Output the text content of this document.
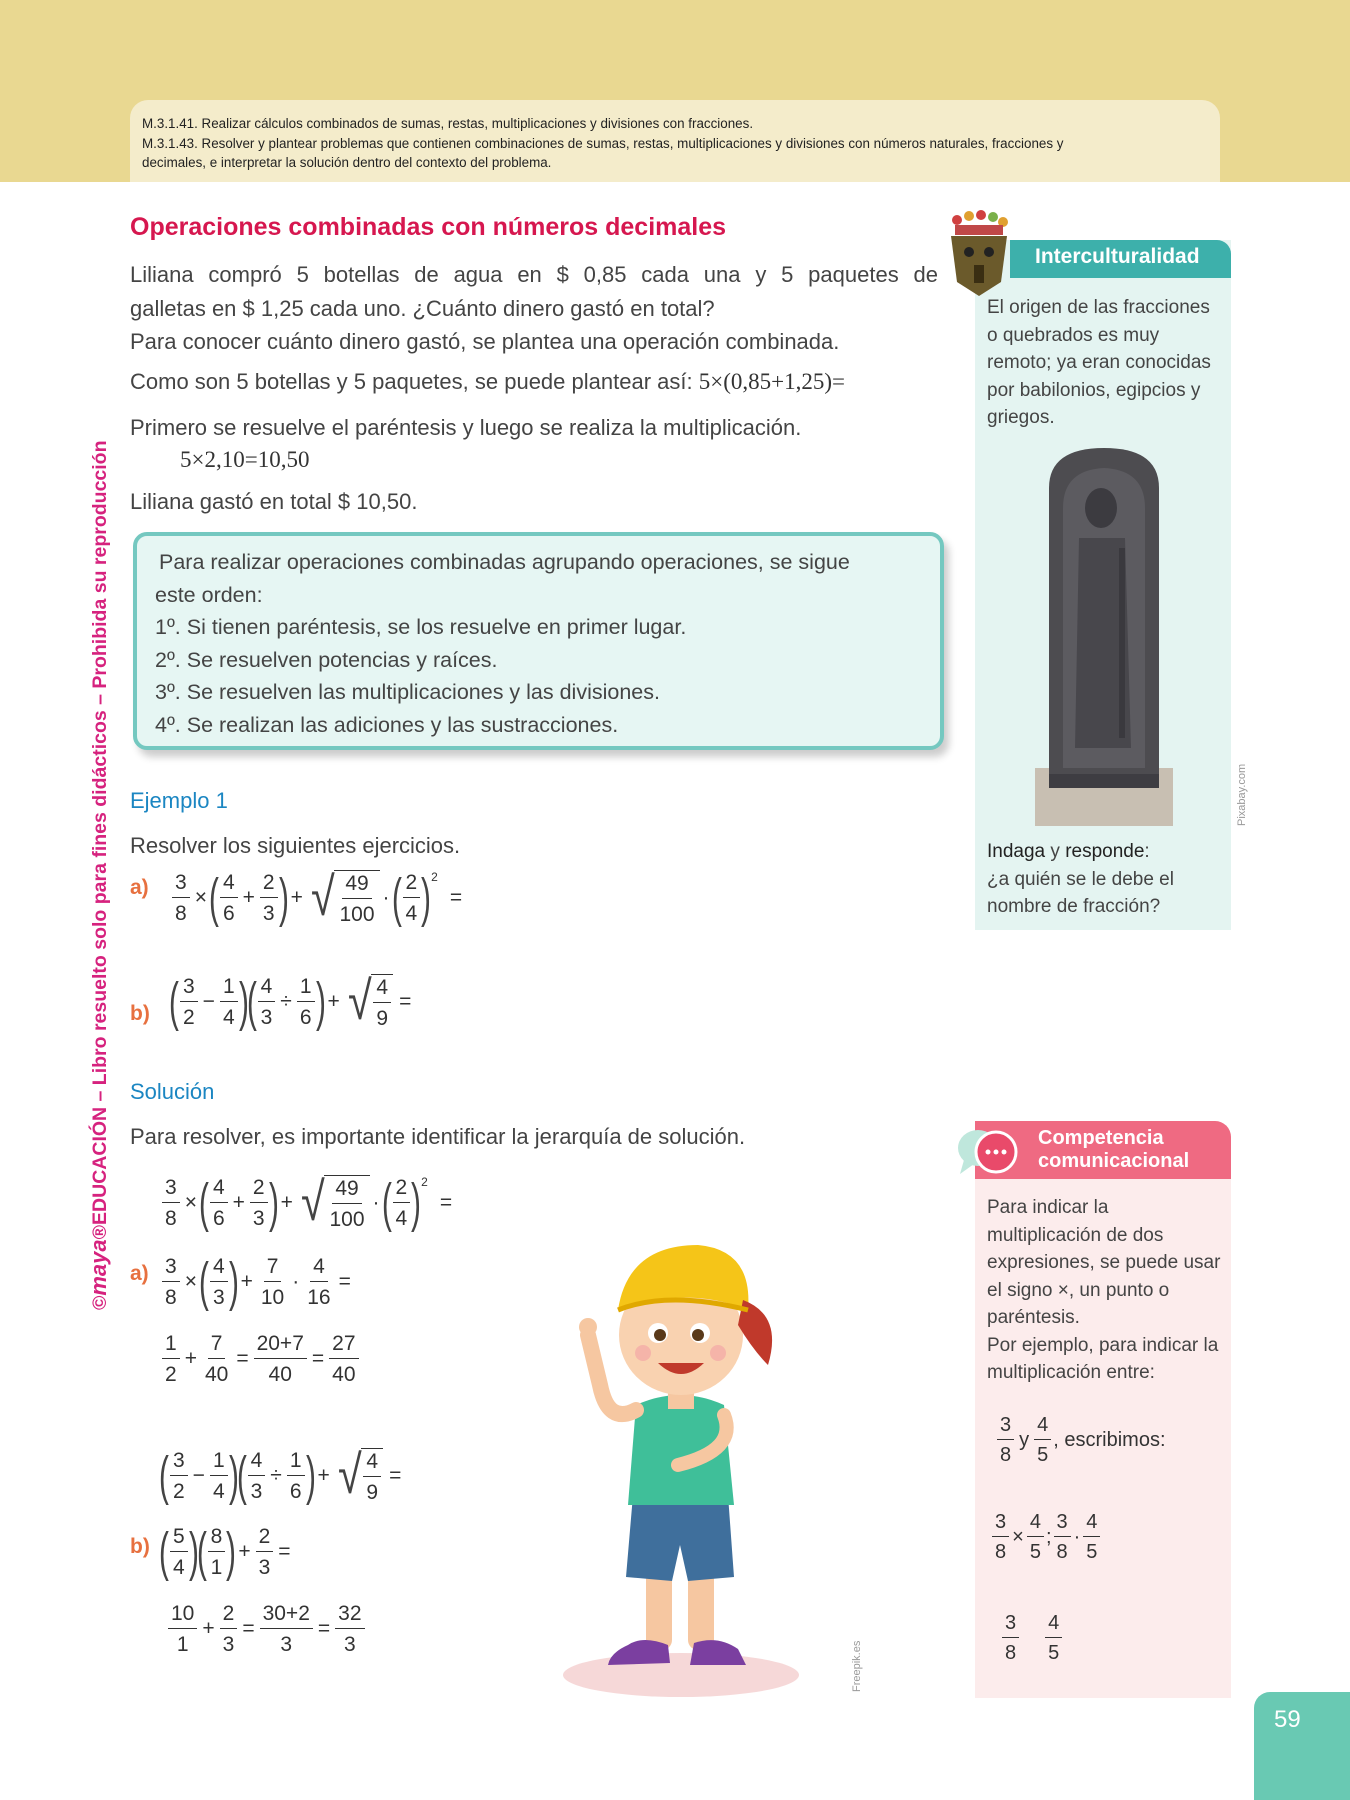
M.3.1.41. Realizar cálculos combinados de sumas, restas, multiplicaciones y divisiones con fracciones.
M.3.1.43. Resolver y plantear problemas que contienen combinaciones de sumas, restas, multiplicaciones y divisiones con números naturales, fracciones y
decimales, e interpretar la solución dentro del contexto del problema.
©maya®EDUCACIÓN – Libro resuelto solo para fines didácticos – Prohibida su reproducción
Operaciones combinadas con números decimales
Liliana compró 5 botellas de agua en $ 0,85 cada una y 5 paquetes de
galletas en $ 1,25 cada uno. ¿Cuánto dinero gastó en total?
Para conocer cuánto dinero gastó, se plantea una operación combinada.
Como son 5 botellas y 5 paquetes, se puede plantear así: 5×(0,85+1,25)=
Primero se resuelve el paréntesis y luego se realiza la multiplicación.
5×2,10=10,50
Liliana gastó en total $ 10,50.
Para realizar operaciones combinadas agrupando operaciones, se sigue
este orden:
1º. Si tienen paréntesis, se los resuelve en primer lugar.
2º. Se resuelven potencias y raíces.
3º. Se resuelven las multiplicaciones y las divisiones.
4º. Se realizan las adiciones y las sustracciones.
Ejemplo 1
Resolver los siguientes ejercicios.
$a) \frac{3}{8}$ × ( $\frac{4}{6} + \frac{2}{3}$ ) + √ $\frac{49}{100}$ · ( $\frac{2}{4}$ ) 2
=
b) ( $\frac{3}{2} - \frac{1}{4}$ )
( $\frac{4}{3} \div \frac{1}{6}$ ) + √ $\frac{4}{9}$ =
Solución
Para resolver, es importante identificar la jerarquía de solución.
$\frac{3}{8}$ × ( $\frac{4}{6} + \frac{2}{3}$ ) + √ $\frac{49}{100}$ · ( $\frac{2}{4}$ ) 2
=
$a) \frac{3}{8}$ × ( $\frac{4}{3}$ ) + $\frac{7}{10} \cdot \frac{4}{16}$ =
$\frac{1}{2} + \frac{7}{40} = \frac{20+7}{40} = \frac{27}{40}$
( $\frac{3}{2} - \frac{1}{4}$ )
( $\frac{4}{3} \div \frac{1}{6}$ ) + √ $\frac{4}{9}$ =
b) ( $\frac{5}{4}$ )
( $\frac{8}{1}$ ) + $\frac{2}{3}$ =
$\frac{10}{1} + \frac{2}{3} = \frac{30+2}{3} = \frac{32}{3}$
Freepik.es
Interculturalidad
El origen de las fracciones o quebrados es muy remoto; ya eran conocidas por babilonios, egipcios y griegos.
Pixabay.com
Indaga y responde:
¿a quién se le debe el nombre de fracción?
Competencia
comunicacional
Para indicar la multiplicación de dos expresiones, se puede usar el signo ×, un punto o paréntesis.
Por ejemplo, para indicar la multiplicación entre:
$\frac{3}{8}$ y $\frac{4}{5}$ , escribimos:
$\frac{3}{8} \times \frac{4}{5}$ ; $\frac{3}{8} \cdot \frac{4}{5}$
$\frac{3}{8} \frac{4}{5}$
59
